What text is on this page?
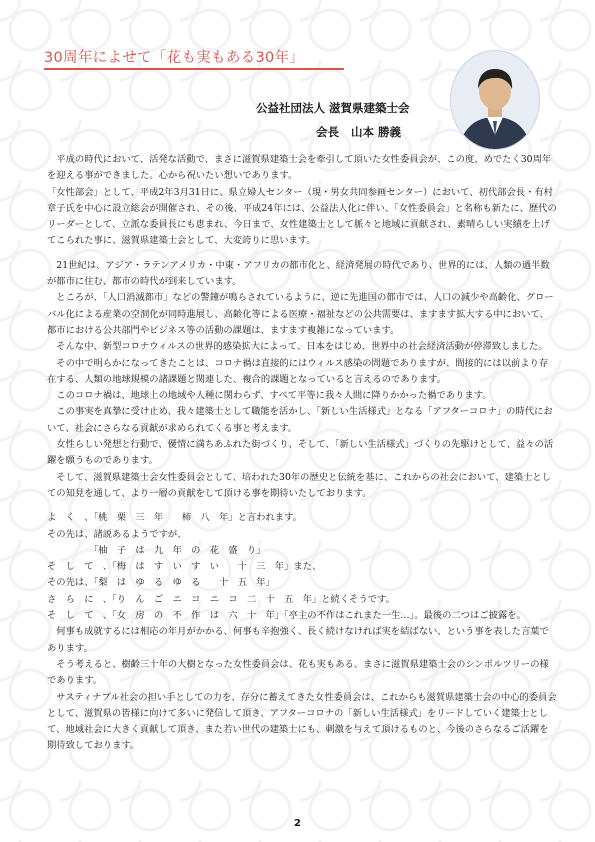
30周年によせて「花も実もある30年」
公益社団法人 滋賀県建築士会
会長 山本 勝義

平成の時代において、活発な活動で、まさに滋賀県建築士会を牽引して頂いた女性委員会が、この度、めでたく30周年を迎える事ができました。心から祝いたい想いであります。

「女性部会」として、平成2年3月31日に、県立婦人センター（現・男女共同参画センター）において、初代部会長・有村章子氏を中心に設立総会が開催され、その後、平成24年には、公益法人化に伴い、「女性委員会」と名称も新たに、歴代のリーダーとして、立派な委員長にも恵まれ、今日まで、女性建築士として脈々と地域に貢献され、素晴らしい実績を上げてこられた事に、滋賀県建築士会として、大変誇りに思います。

21世紀は、アジア・ラテンアメリカ・中東・アフリカの都市化と、経済発展の時代であり、世界的には、人類の過半数が都市に住む、都市の時代が到来しています。

ところが、「人口消滅都市」などの警鐘が鳴らされているように、逆に先進国の都市では、人口の減少や高齢化、グローバル化による産業の空洞化が同時進展し、高齢化等による医療・福祉などの公共需要は、ますます拡大する中において、都市における公共部門やビジネス等の活動の課題は、ますます複雑になっています。

そんな中、新型コロナウィルスの世界的感染拡大によって、日本をはじめ、世界中の社会経済活動が停滞致しました。

その中で明らかになってきたことは、コロナ禍は直接的にはウィルス感染の問題でありますが、間接的には以前より存在する、人類の地球規模の諸課題と関連した、複合的課題となっていると言えるのであります。

このコロナ禍は、地球上の地域や人種に関わらず、すべて平等に我々人間に降りかかった禍であります。

この事実を真摯に受け止め、我々建築士として職能を活かし、「新しい生活様式」となる「アフターコロナ」の時代において、社会にさらなる貢献が求められてくる事と考えます。

女性らしい発想と行動で、優情に満ちあふれた街づくり、そして、「新しい生活様式」づくりの先駆けとして、益々の活躍を願うものであります。

そして、滋賀県建築士会女性委員会として、培われた30年の歴史と伝統を基に、これからの社会において、建築士としての知見を通して、より一層の貢献をして頂ける事を期待いたしております。

よ　く　、「桃　栗　三　年　　柿　八　年」と言われます。
その先は、諸説あるようですが、
　　　　　「柚　子　は　九　年　の　花　盛　り」
そ　し　て　、「梅　は　す　い　す　い　　十　三　年」また、
その先は、「梨　は　ゆ　る　ゆ　る　　十　五　年」
さ　ら　に　、「り　ん　ご　ニ　コ　ニ　コ　二　十　五　年」と続くそうです。
そ　し　て　、「女　房　の　不　作　は　六　十　年」「亭主の不作はこれまた一生…」。最後の二つはご披露を。

何事も成就するには相応の年月がかかる、何事も辛抱強く、長く続けなければ実を結ばない、という事を表した言葉であります。

そう考えると、樹齢三十年の大樹となった女性委員会は、花も実もある、まさに滋賀県建築士会のシンボルツリーの様であります。

サスティナブル社会の担い手としての力を、存分に蓄えてきた女性委員会は、これからも滋賀県建築士会の中心的委員会として、滋賀県の皆様に向けて多いに発信して頂き、アフターコロナの「新しい生活様式」をリードしていく建築士として、地域社会に大きく貢献して頂き、また若い世代の建築士にも、刺激を与えて頂けるものと、今後のさらなるご活躍を期待致しております。

2
